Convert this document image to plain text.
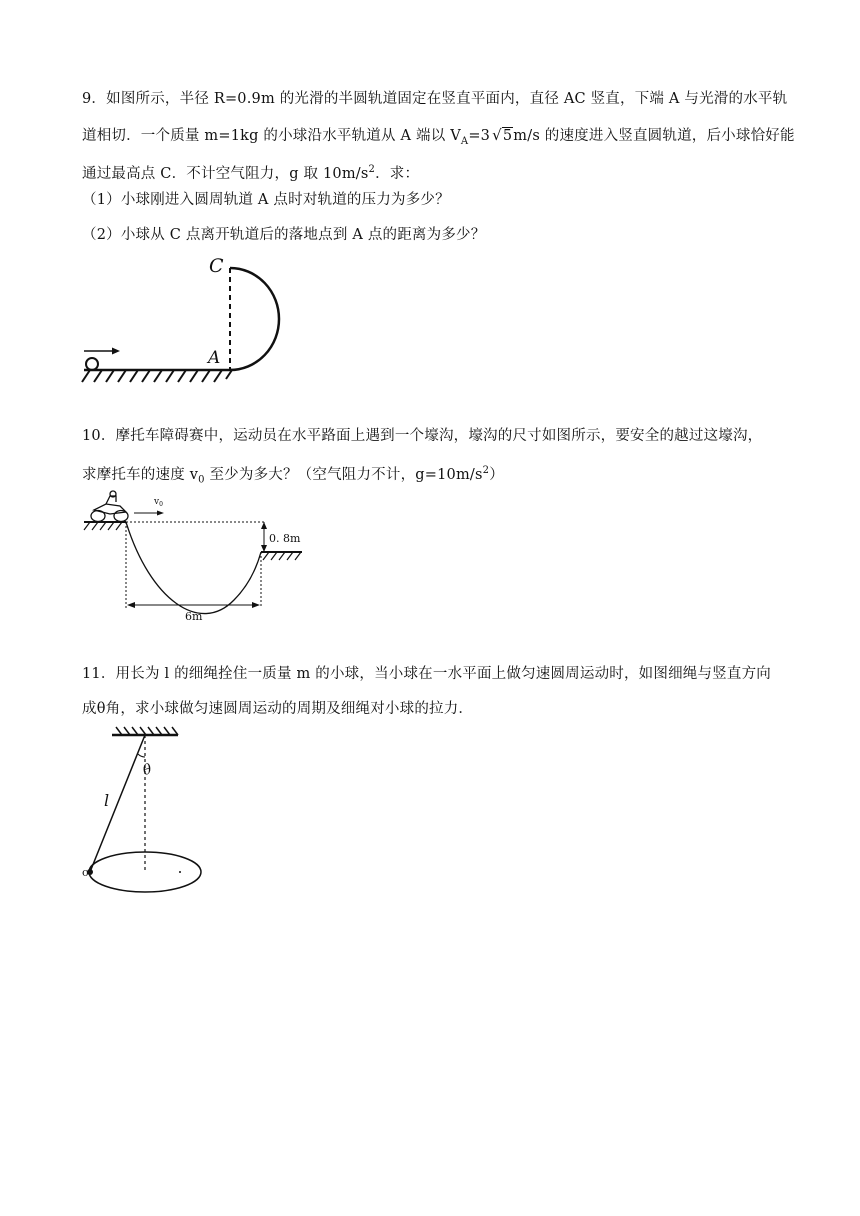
9．如图所示，半径 R=0.9m 的光滑的半圆轨道固定在竖直平面内，直径 AC 竖直，下端 A 与光滑的水平轨
道相切．一个质量 m=1kg 的小球沿水平轨道从 A 端以 $V_A=3$ √5m/s 的速度进入竖直圆轨道，后小球恰好能
通过最高点 C．不计空气阻力，g 取 $10m/s^2$．求：
（1）小球刚进入圆周轨道 A 点时对轨道的压力为多少？
（2）小球从 C 点离开轨道后的落地点到 A 点的距离为多少？
C
A
10．摩托车障碍赛中，运动员在水平路面上遇到一个壕沟，壕沟的尺寸如图所示，要安全的越过这壕沟，
求摩托车的速度 $v_0$ 至少为多大？（空气阻力不计，$g=10m/s^2$）
$v_0$
0. 8m
6m
11．用长为 l 的细绳拴住一质量 m 的小球，当小球在一水平面上做匀速圆周运动时，如图细绳与竖直方向
成θ角，求小球做匀速圆周运动的周期及细绳对小球的拉力．
l
θ
o
